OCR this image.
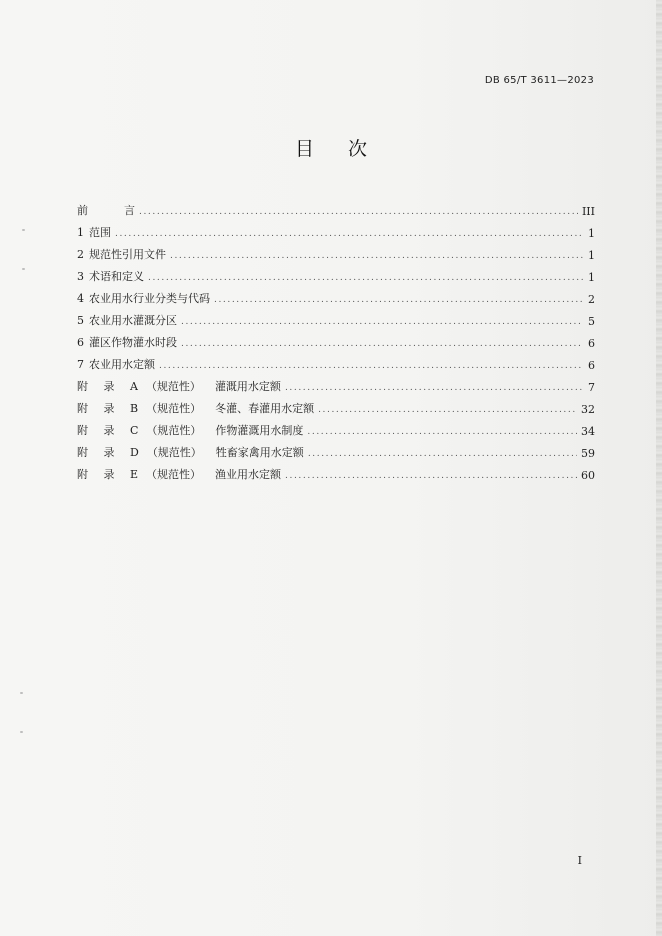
DB 65/T 3611—2023
目次
前	言 .....	III
1 范围 .....	1
2 规范性引用文件 .....	1
3 术语和定义 .....	1
4 农业用水行业分类与代码 .....	2
5 农业用水灌溉分区 .....	5
6 灌区作物灌水时段 .....	6
7 农业用水定额 .....	6
附 录 A （规范性） 灌溉用水定额 .....	7
附 录 B （规范性） 冬灌、春灌用水定额 .....	32
附 录 C （规范性） 作物灌溉用水制度 .....	34
附 录 D （规范性） 牲畜家禽用水定额 .....	59
附 录 E （规范性） 渔业用水定额 .....	60
I
